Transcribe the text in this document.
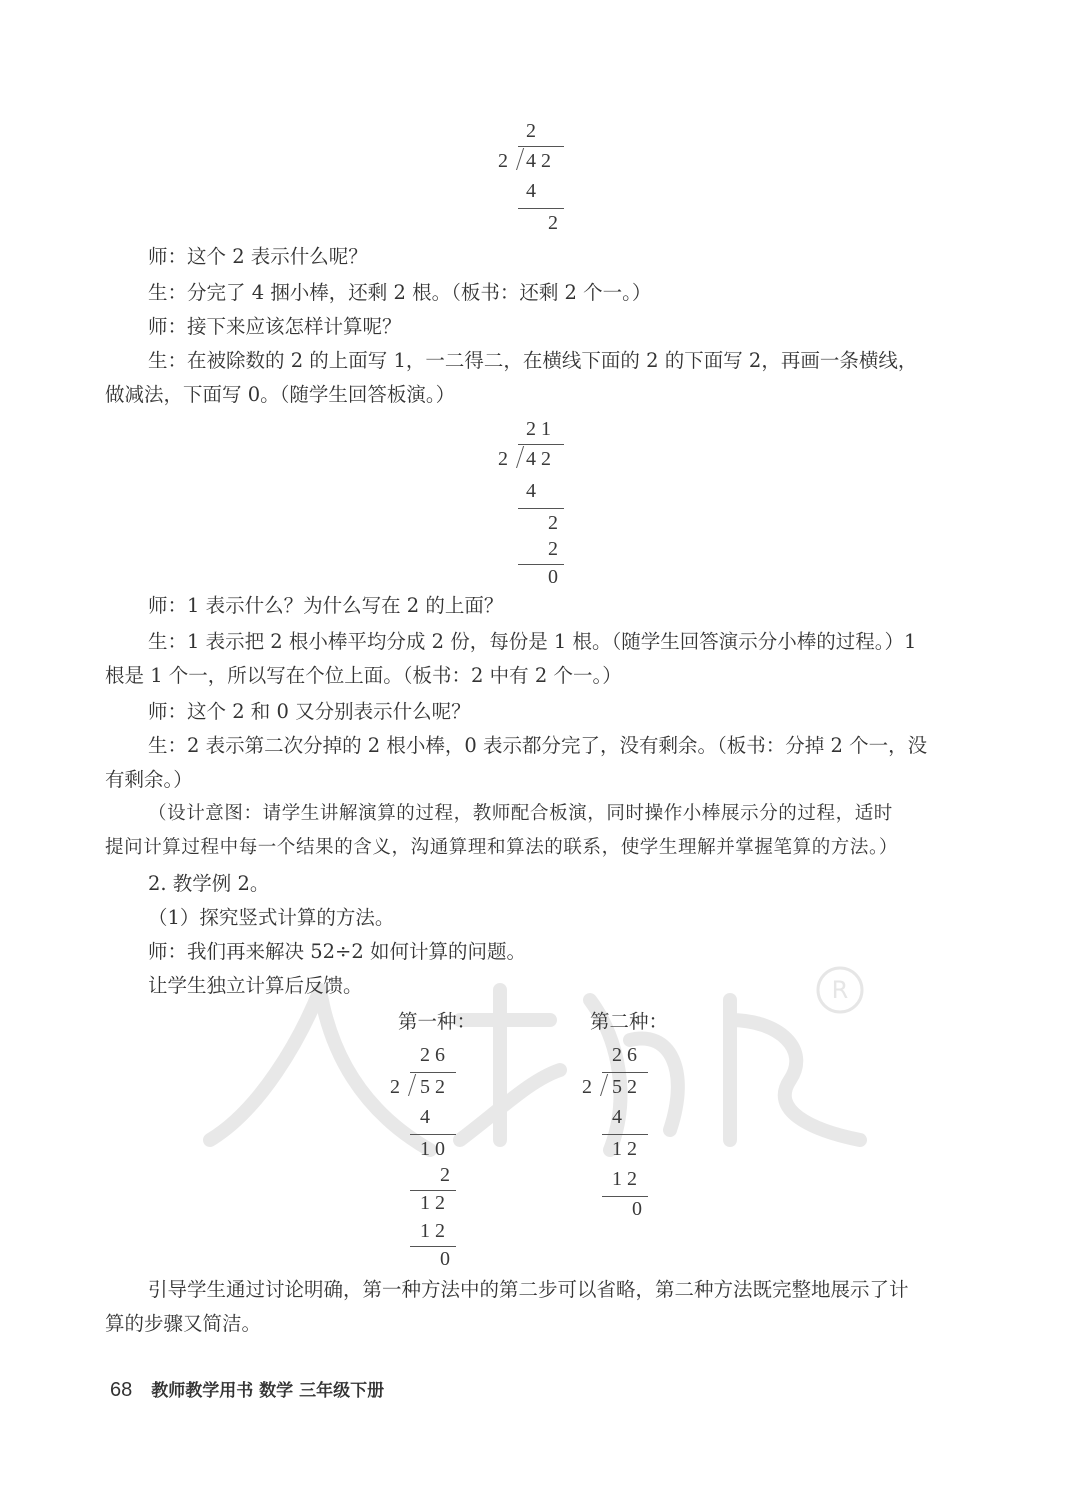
R
2
2 4 2
4
2
师：这个 2 表示什么呢？
生：分完了 4 捆小棒，还剩 2 根。（板书：还剩 2 个一。）
师：接下来应该怎样计算呢？
生：在被除数的 2 的上面写 1，一二得二，在横线下面的 2 的下面写 2，再画一条横线，
做减法，下面写 0。（随学生回答板演。）
2 1
2 4 2
4
2
2
0
师：1 表示什么？为什么写在 2 的上面？
生：1 表示把 2 根小棒平均分成 2 份，每份是 1 根。（随学生回答演示分小棒的过程。）1
根是 1 个一，所以写在个位上面。（板书：2 中有 2 个一。）
师：这个 2 和 0 又分别表示什么呢？
生：2 表示第二次分掉的 2 根小棒，0 表示都分完了，没有剩余。（板书：分掉 2 个一，没
有剩余。）
（设计意图：请学生讲解演算的过程，教师配合板演，同时操作小棒展示分的过程，适时
提问计算过程中每一个结果的含义，沟通算理和算法的联系，使学生理解并掌握笔算的方法。）
2. 教学例 2。
（1）探究竖式计算的方法。
师：我们再来解决 52÷2 如何计算的问题。
让学生独立计算后反馈。
第一种：
2 6
2 5 2
4
1 0
2
1 2
1 2
0
第二种：
2 6
2 5 2
4
1 2
1 2
0
引导学生通过讨论明确，第一种方法中的第二步可以省略，第二种方法既完整地展示了计
算的步骤又简洁。
68 教师教学用书 数学 三年级下册
